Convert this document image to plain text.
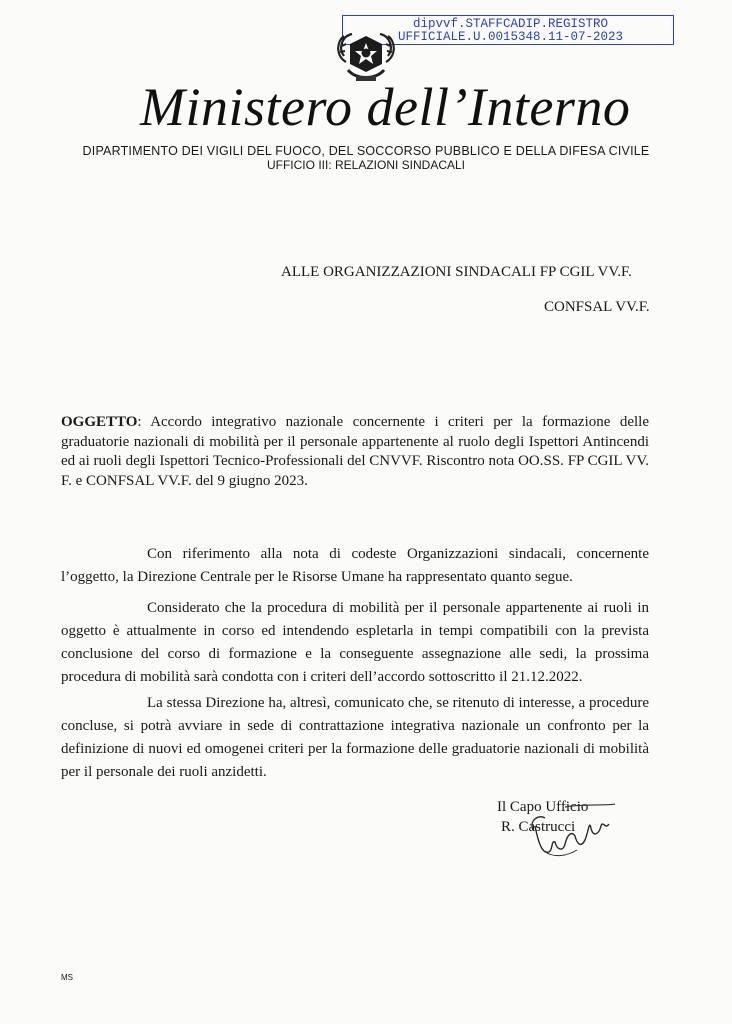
dipvvf.STAFFCADIP.REGISTRO
UFFICIALE.U.0015348.11-07-2023
Ministero dell’Interno
DIPARTIMENTO DEI VIGILI DEL FUOCO, DEL SOCCORSO PUBBLICO E DELLA DIFESA CIVILE
UFFICIO III: RELAZIONI SINDACALI
ALLE ORGANIZZAZIONI SINDACALI FP CGIL VV.F.
CONFSAL VV.F.
OGGETTO: Accordo integrativo nazionale concernente i criteri per la formazione delle graduatorie nazionali di mobilità per il personale appartenente al ruolo degli Ispettori Antincendi ed ai ruoli degli Ispettori Tecnico-Professionali del CNVVF. Riscontro nota OO.SS. FP CGIL VV. F. e CONFSAL VV.F. del 9 giugno 2023.
Con riferimento alla nota di codeste Organizzazioni sindacali, concernente l’oggetto, la Direzione Centrale per le Risorse Umane ha rappresentato quanto segue.
Considerato che la procedura di mobilità per il personale appartenente ai ruoli in oggetto è attualmente in corso ed intendendo espletarla in tempi compatibili con la prevista conclusione del corso di formazione e la conseguente assegnazione alle sedi, la prossima procedura di mobilità sarà condotta con i criteri dell’accordo sottoscritto il 21.12.2022.
La stessa Direzione ha, altresì, comunicato che, se ritenuto di interesse, a procedure concluse, si potrà avviare in sede di contrattazione integrativa nazionale un confronto per la definizione di nuovi ed omogenei criteri per la formazione delle graduatorie nazionali di mobilità per il personale dei ruoli anzidetti.
Il Capo Ufficio
R. Castrucci
MS
